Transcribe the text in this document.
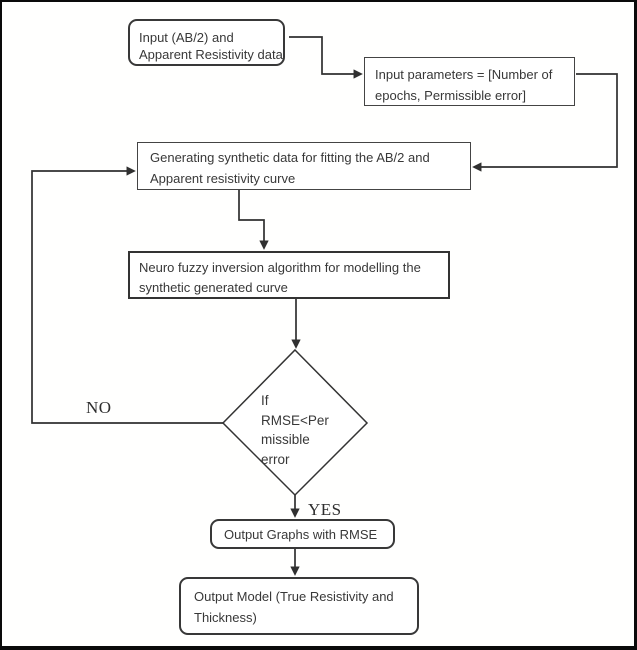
Input (AB/2) and
Apparent Resistivity data
Input parameters = [Number of
epochs, Permissible error]
Generating synthetic data for fitting the AB/2 and
Apparent resistivity curve
Neuro fuzzy inversion algorithm for modelling the
synthetic generated curve
If
RMSE<Per
missible
error
NO
YES
Output Graphs with RMSE
Output Model (True Resistivity and
Thickness)
